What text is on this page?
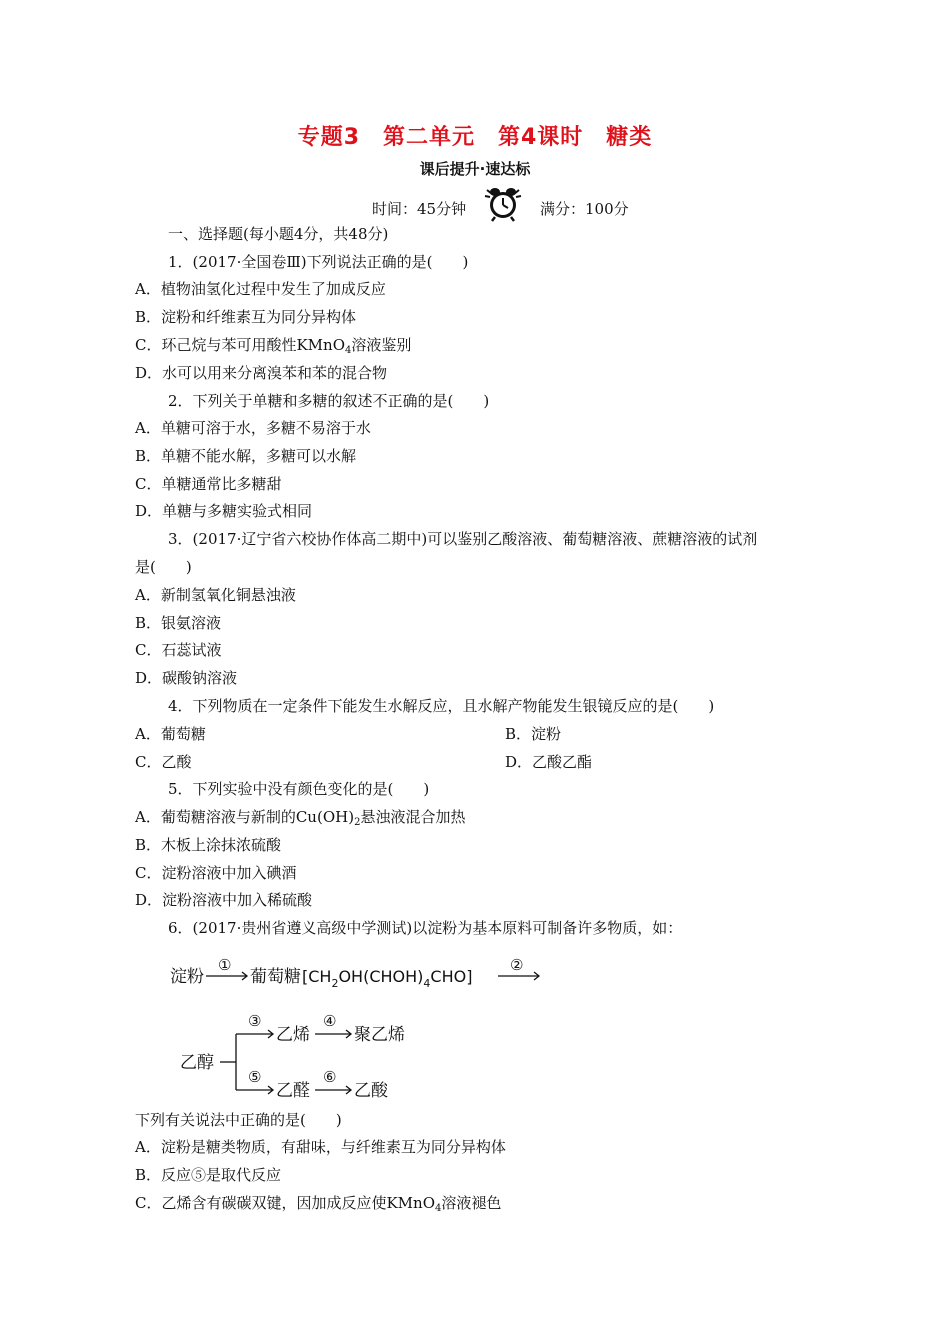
专题3　第二单元　第4课时　糖类
课后提升·速达标
时间：45分钟	满分：100分
一、选择题(每小题4分，共48分)
1．(2017·全国卷Ⅲ)下列说法正确的是(　　)
A．植物油氢化过程中发生了加成反应
B．淀粉和纤维素互为同分异构体
C．环己烷与苯可用酸性KMnO$_4$溶液鉴别
D．水可以用来分离溴苯和苯的混合物
2．下列关于单糖和多糖的叙述不正确的是(　　)
A．单糖可溶于水，多糖不易溶于水
B．单糖不能水解，多糖可以水解
C．单糖通常比多糖甜
D．单糖与多糖实验式相同
3．(2017·辽宁省六校协作体高二期中)可以鉴别乙酸溶液、葡萄糖溶液、蔗糖溶液的试剂
是(　　)
A．新制氢氧化铜悬浊液
B．银氨溶液
C．石蕊试液
D．碳酸钠溶液
4．下列物质在一定条件下能发生水解反应，且水解产物能发生银镜反应的是(　　)
A．葡萄糖	B．淀粉
C．乙酸	D．乙酸乙酯
5．下列实验中没有颜色变化的是(　　)
A．葡萄糖溶液与新制的$Cu(OH)_2$悬浊液混合加热
B．木板上涂抹浓硫酸
C．淀粉溶液中加入碘酒
D．淀粉溶液中加入稀硫酸
6．(2017·贵州省遵义高级中学测试)以淀粉为基本原料可制备许多物质，如：
淀粉
①
葡萄糖 $[CH_2OH(CHOH)_4CHO]$
②
乙醇
③
乙烯
④
聚乙烯
⑤
乙醛
⑥
乙酸
下列有关说法中正确的是(　　)
A．淀粉是糖类物质，有甜味，与纤维素互为同分异构体
B．反应⑤是取代反应
C．乙烯含有碳碳双键，因加成反应使KMnO$_4$溶液褪色
